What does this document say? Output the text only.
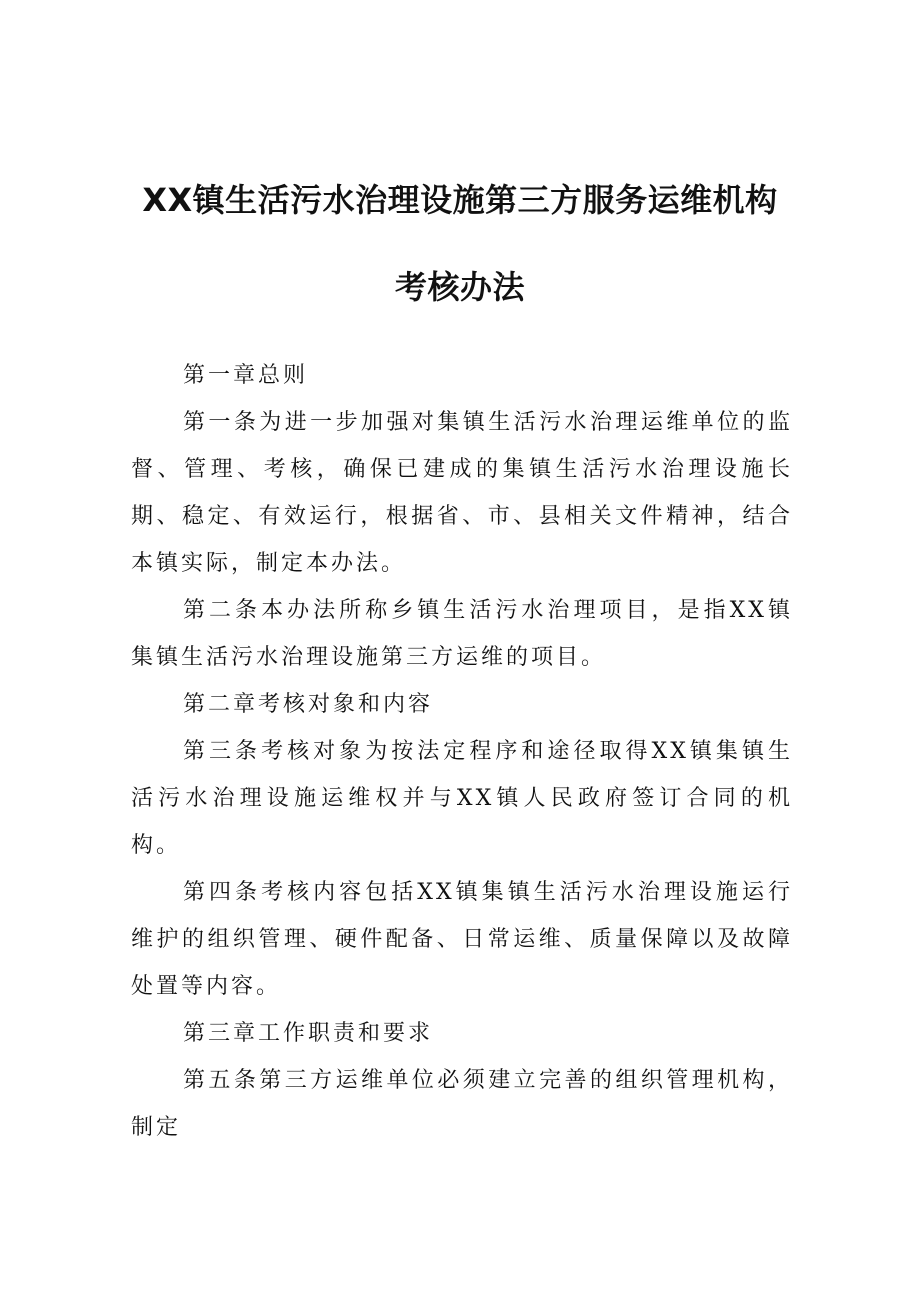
XX镇生活污水治理设施第三方服务运维机构
考核办法

第一章总则

第一条为进一步加强对集镇生活污水治理运维单位的监督、管理、考核，确保已建成的集镇生活污水治理设施长期、稳定、有效运行，根据省、市、县相关文件精神，结合本镇实际，制定本办法。

第二条本办法所称乡镇生活污水治理项目，是指XX镇集镇生活污水治理设施第三方运维的项目。

第二章考核对象和内容

第三条考核对象为按法定程序和途径取得XX镇集镇生活污水治理设施运维权并与XX镇人民政府签订合同的机构。

第四条考核内容包括XX镇集镇生活污水治理设施运行维护的组织管理、硬件配备、日常运维、质量保障以及故障处置等内容。

第三章工作职责和要求

第五条第三方运维单位必须建立完善的组织管理机构，制定
